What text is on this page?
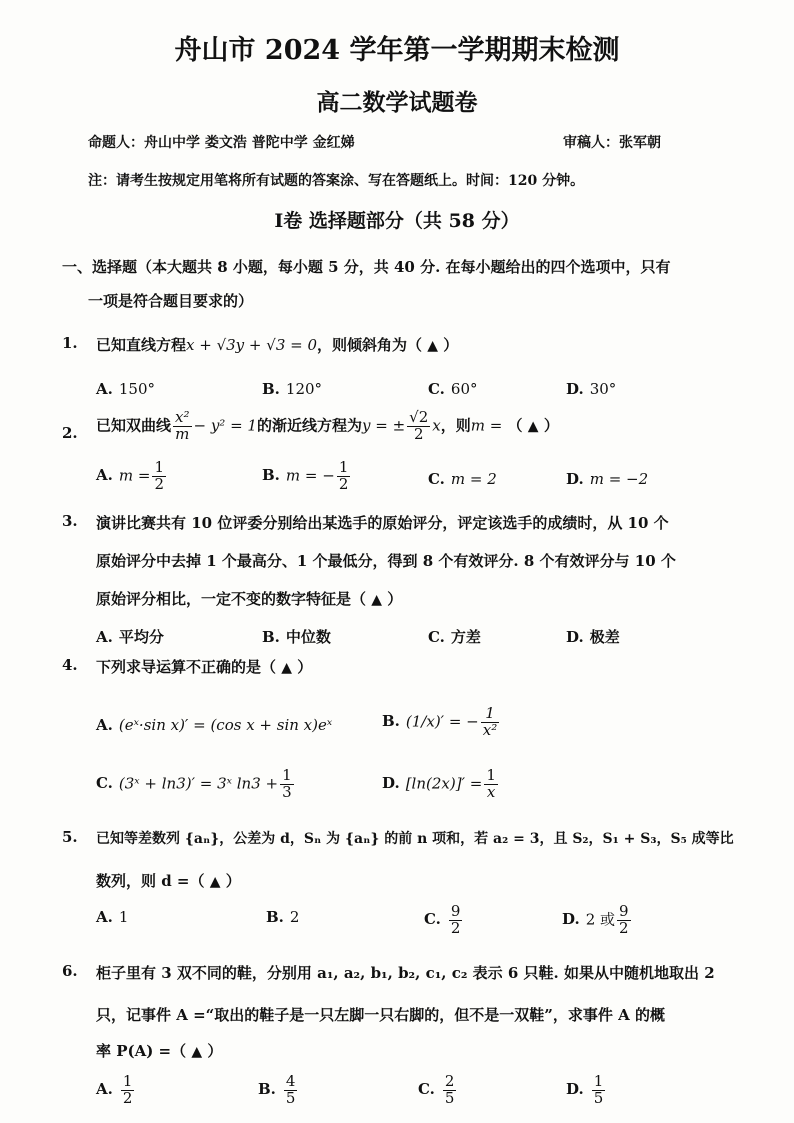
舟山市 2024 学年第一学期期末检测
高二数学试题卷
命题人：舟山中学 娄文浩 普陀中学 金红娣	审稿人：张军朝
注：请考生按规定用笔将所有试题的答案涂、写在答题纸上。时间：120 分钟。
Ⅰ卷 选择题部分（共 58 分）
一、选择题（本大题共 8 小题，每小题 5 分，共 40 分. 在每小题给出的四个选项中，只有
一项是符合题目要求的）
1. 已知直线方程x + √3y + √3 = 0，则倾斜角为（ ▲ ）
A. 150°	B. 120°	C. 60°	D. 30°
2. 已知双曲线 $\frac{\text{x²}}{m} - y^2 = 1$的渐近线方程为y = ± $\frac{√2}{2}$ x，则m = （ ▲ ）
A. $m = \frac{1}{2}$	B. m = − $\frac{1}{2}$	C. m = 2	D. m = −2
3. 演讲比赛共有 10 位评委分别给出某选手的原始评分，评定该选手的成绩时，从 10 个
原始评分中去掉 1 个最高分、1 个最低分，得到 8 个有效评分. 8 个有效评分与 10 个
原始评分相比，一定不变的数字特征是（ ▲ ）
A. 平均分	B. 中位数	C. 方差	D. 极差
4. 下列求导运算不正确的是（ ▲ ）
A. (eˣ·sin x)′ = (cos x + sin x)eˣ	B. (1/x)′ = − $\frac{1}{\text{x²}}$
C. (3ˣ + ln3)′ = 3ˣ $\ln 3 + \frac{1}{3}$	D. $[\ln(2x)]' = \frac{1}{x}$
5. 已知等差数列 {aₙ}，公差为 d，Sₙ 为 {aₙ} 的前 n 项和，若 a₂ = 3，且 S₂，S₁ + S₃，S₅ 成等比
数列，则 d =（ ▲ ）
A. 1	B. 2	C. $\frac{9}{2}$	D. 2 或 $\frac{9}{2}$
6. 柜子里有 3 双不同的鞋，分别用 a₁, a₂, b₁, b₂, c₁, c₂ 表示 6 只鞋. 如果从中随机地取出 2
只，记事件 A =“取出的鞋子是一只左脚一只右脚的，但不是一双鞋”，求事件 A 的概
率 P(A) =（ ▲ ）
A. $\frac{1}{2}$	B. $\frac{4}{5}$	C. $\frac{2}{5}$	D. $\frac{1}{5}$
